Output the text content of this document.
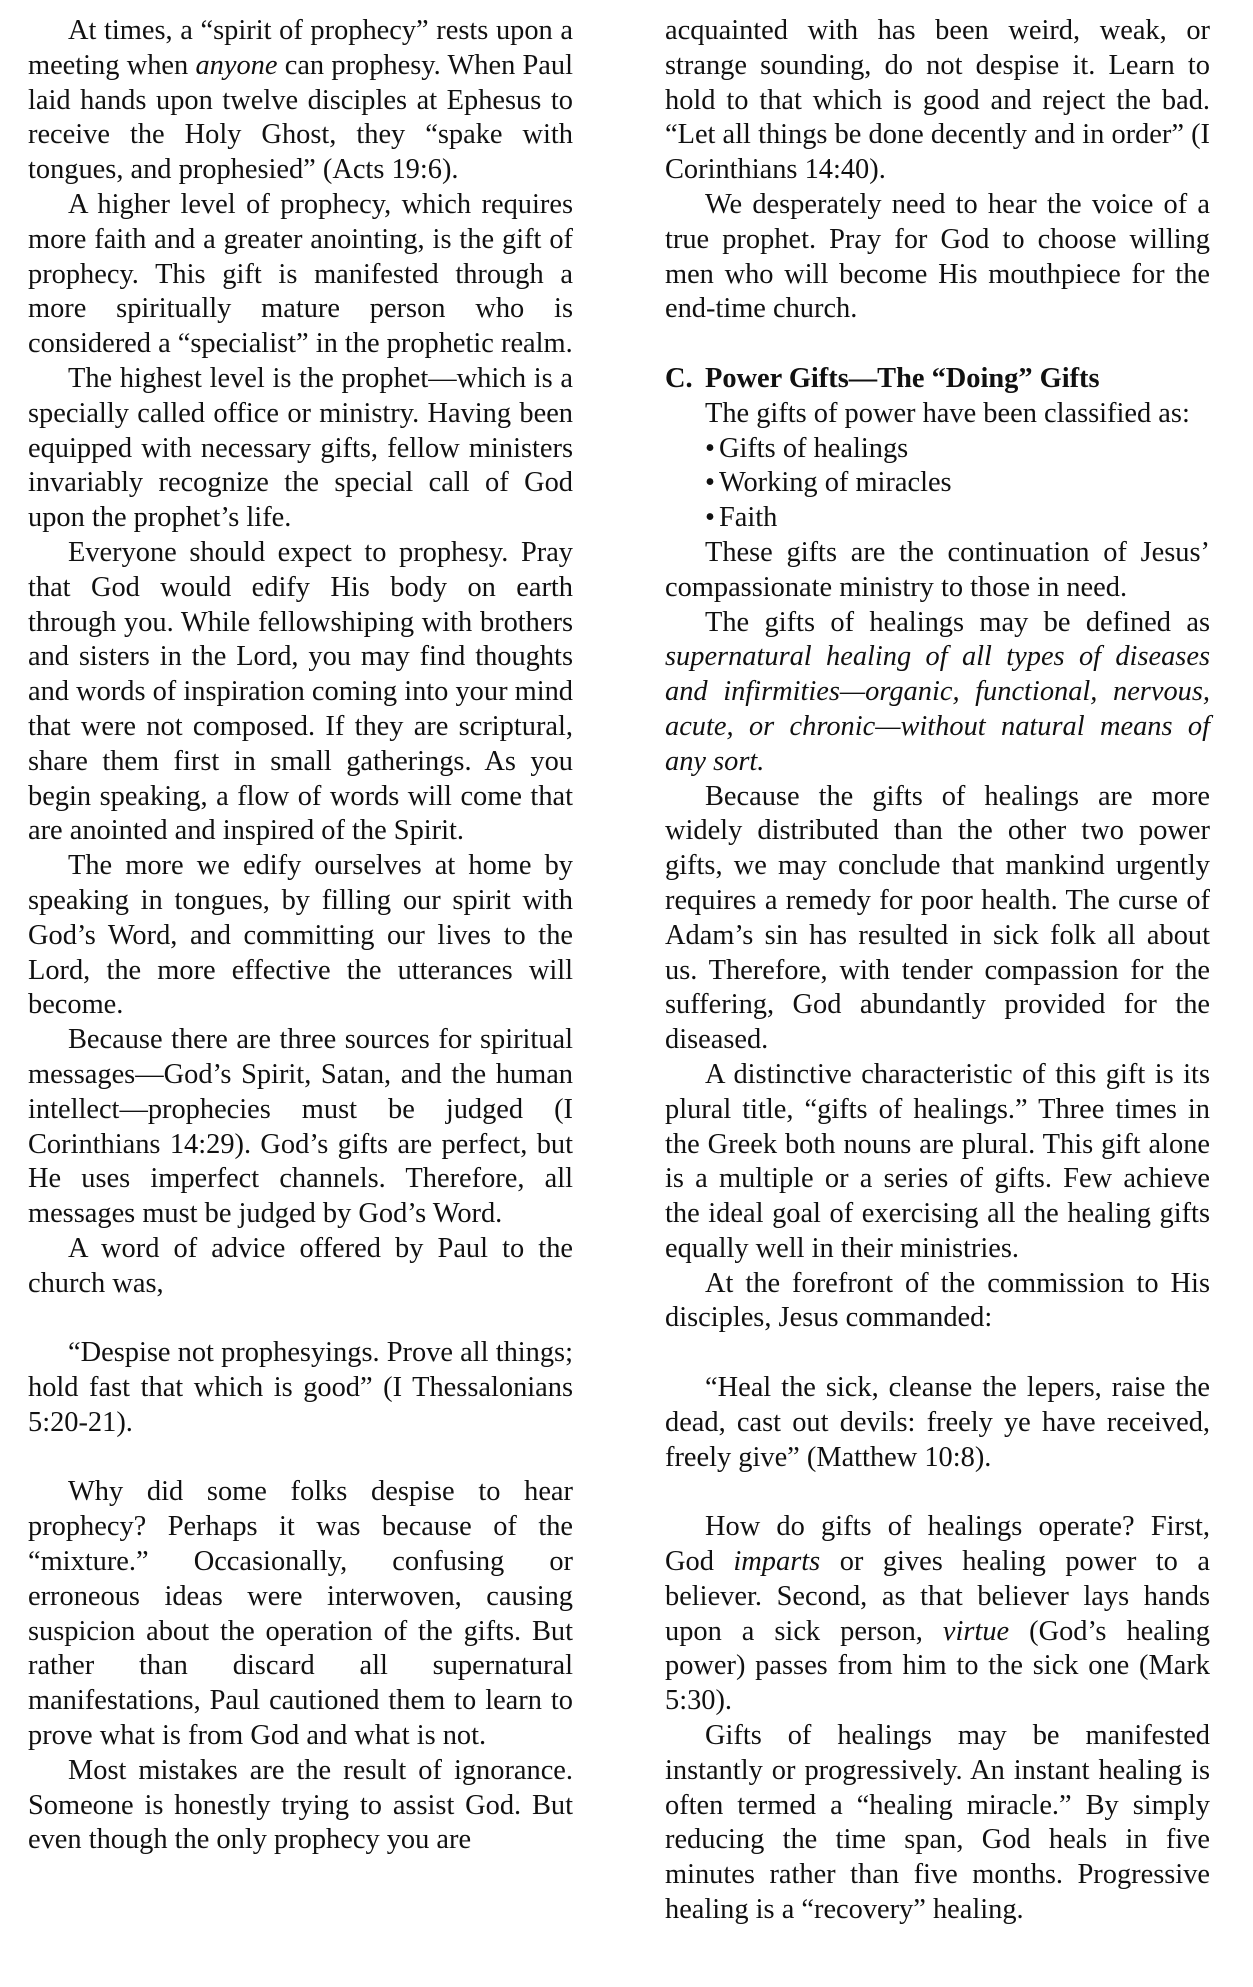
At times, a “spirit of prophecy” rests upon a meeting when anyone can prophesy. When Paul laid hands upon twelve disciples at Ephesus to receive the Holy Ghost, they “spake with tongues, and prophesied” (Acts 19:6).

A higher level of prophecy, which requires more faith and a greater anointing, is the gift of prophecy. This gift is manifested through a more spiritually mature person who is considered a “specialist” in the prophetic realm.

The highest level is the prophet—which is a specially called office or ministry. Having been equipped with necessary gifts, fellow ministers invariably recognize the special call of God upon the prophet’s life.

Everyone should expect to prophesy. Pray that God would edify His body on earth through you. While fellowshiping with brothers and sisters in the Lord, you may find thoughts and words of inspiration coming into your mind that were not composed. If they are scriptural, share them first in small gatherings. As you begin speaking, a flow of words will come that are anointed and inspired of the Spirit.

The more we edify ourselves at home by speaking in tongues, by filling our spirit with God’s Word, and committing our lives to the Lord, the more effective the utterances will become.

Because there are three sources for spiritual messages—God’s Spirit, Satan, and the human intellect—prophecies must be judged (I Corinthians 14:29). God’s gifts are perfect, but He uses imperfect channels. Therefore, all messages must be judged by God’s Word.

A word of advice offered by Paul to the church was,

“Despise not prophesyings. Prove all things; hold fast that which is good” (I Thessalonians 5:20-21).

Why did some folks despise to hear prophecy? Perhaps it was because of the “mixture.” Occasionally, confusing or erroneous ideas were interwoven, causing suspicion about the operation of the gifts. But rather than discard all supernatural manifestations, Paul cautioned them to learn to prove what is from God and what is not.

Most mistakes are the result of ignorance. Someone is honestly trying to assist God. But even though the only prophecy you are

acquainted with has been weird, weak, or strange sounding, do not despise it. Learn to hold to that which is good and reject the bad. “Let all things be done decently and in order” (I Corinthians 14:40).

We desperately need to hear the voice of a true prophet. Pray for God to choose willing men who will become His mouthpiece for the end-time church.

C. Power Gifts—The “Doing” Gifts

The gifts of power have been classified as:

• Gifts of healings
• Working of miracles
• Faith

These gifts are the continuation of Jesus’ compassionate ministry to those in need.

The gifts of healings may be defined as supernatural healing of all types of diseases and infirmities—organic, functional, nervous, acute, or chronic—without natural means of any sort.

Because the gifts of healings are more widely distributed than the other two power gifts, we may conclude that mankind urgently requires a remedy for poor health. The curse of Adam’s sin has resulted in sick folk all about us. Therefore, with tender compassion for the suffering, God abundantly provided for the diseased.

A distinctive characteristic of this gift is its plural title, “gifts of healings.” Three times in the Greek both nouns are plural. This gift alone is a multiple or a series of gifts. Few achieve the ideal goal of exercising all the healing gifts equally well in their ministries.

At the forefront of the commission to His disciples, Jesus commanded:

“Heal the sick, cleanse the lepers, raise the dead, cast out devils: freely ye have received, freely give” (Matthew 10:8).

How do gifts of healings operate? First, God imparts or gives healing power to a believer. Second, as that believer lays hands upon a sick person, virtue (God’s healing power) passes from him to the sick one (Mark 5:30).

Gifts of healings may be manifested instantly or progressively. An instant healing is often termed a “healing miracle.” By simply reducing the time span, God heals in five minutes rather than five months. Progressive healing is a “recovery” healing.
